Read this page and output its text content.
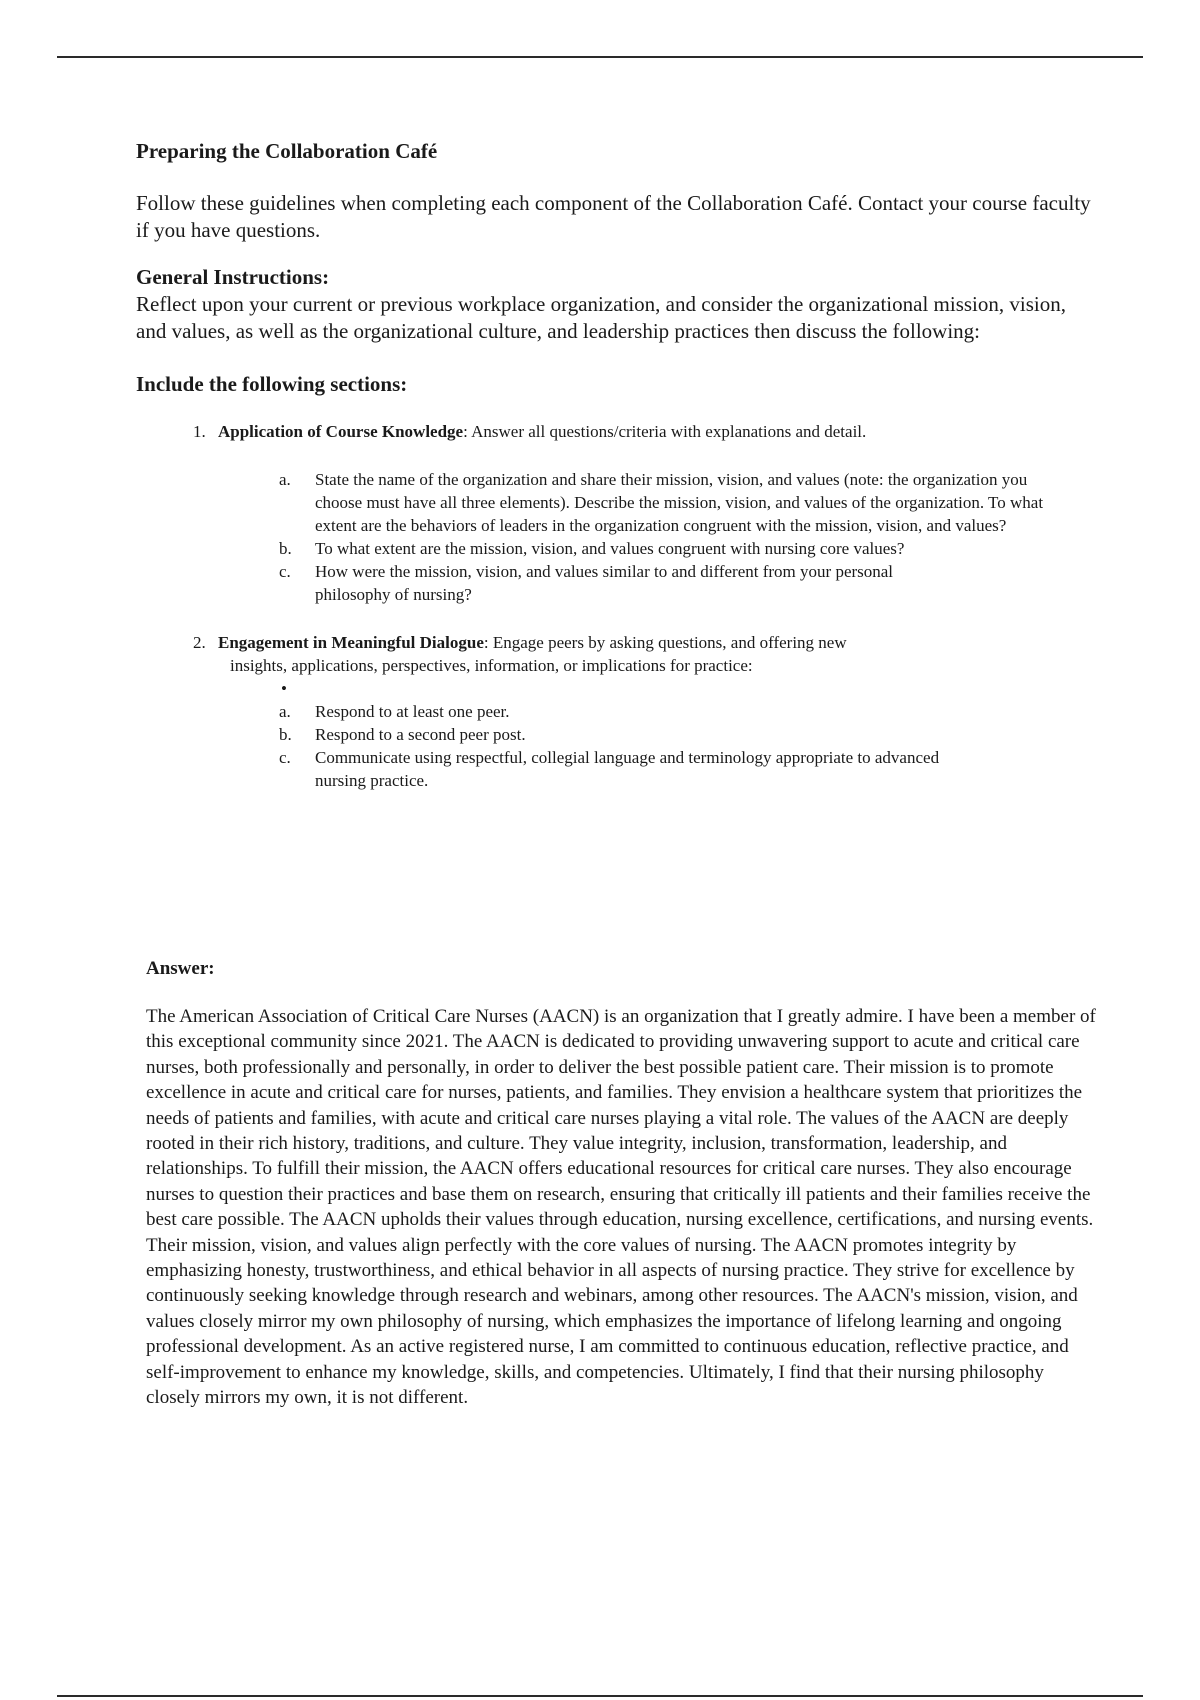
Preparing the Collaboration Café

Follow these guidelines when completing each component of the Collaboration Café. Contact your course faculty if you have questions.

General Instructions:

Reflect upon your current or previous workplace organization, and consider the organizational mission, vision, and values, as well as the organizational culture, and leadership practices then discuss the following:

Include the following sections:

1. Application of Course Knowledge: Answer all questions/criteria with explanations and detail.
a. State the name of the organization and share their mission, vision, and values (note: the organization you choose must have all three elements). Describe the mission, vision, and values of the organization. To what extent are the behaviors of leaders in the organization congruent with the mission, vision, and values?
b. To what extent are the mission, vision, and values congruent with nursing core values?
c. How were the mission, vision, and values similar to and different from your personal philosophy of nursing?
2. Engagement in Meaningful Dialogue: Engage peers by asking questions, and offering new
insights, applications, perspectives, information, or implications for practice:
•
a. Respond to at least one peer.
b. Respond to a second peer post.
c. Communicate using respectful, collegial language and terminology appropriate to advanced nursing practice.

Answer:

The American Association of Critical Care Nurses (AACN) is an organization that I greatly admire. I have been a member of this exceptional community since 2021. The AACN is dedicated to providing unwavering support to acute and critical care nurses, both professionally and personally, in order to deliver the best possible patient care. Their mission is to promote excellence in acute and critical care for nurses, patients, and families. They envision a healthcare system that prioritizes the needs of patients and families, with acute and critical care nurses playing a vital role. The values of the AACN are deeply rooted in their rich history, traditions, and culture. They value integrity, inclusion, transformation, leadership, and relationships. To fulfill their mission, the AACN offers educational resources for critical care nurses. They also encourage nurses to question their practices and base them on research, ensuring that critically ill patients and their families receive the best care possible. The AACN upholds their values through education, nursing excellence, certifications, and nursing events. Their mission, vision, and values align perfectly with the core values of nursing. The AACN promotes integrity by emphasizing honesty, trustworthiness, and ethical behavior in all aspects of nursing practice. They strive for excellence by continuously seeking knowledge through research and webinars, among other resources. The AACN's mission, vision, and values closely mirror my own philosophy of nursing, which emphasizes the importance of lifelong learning and ongoing professional development. As an active registered nurse, I am committed to continuous education, reflective practice, and self-improvement to enhance my knowledge, skills, and competencies. Ultimately, I find that their nursing philosophy closely mirrors my own, it is not different.
